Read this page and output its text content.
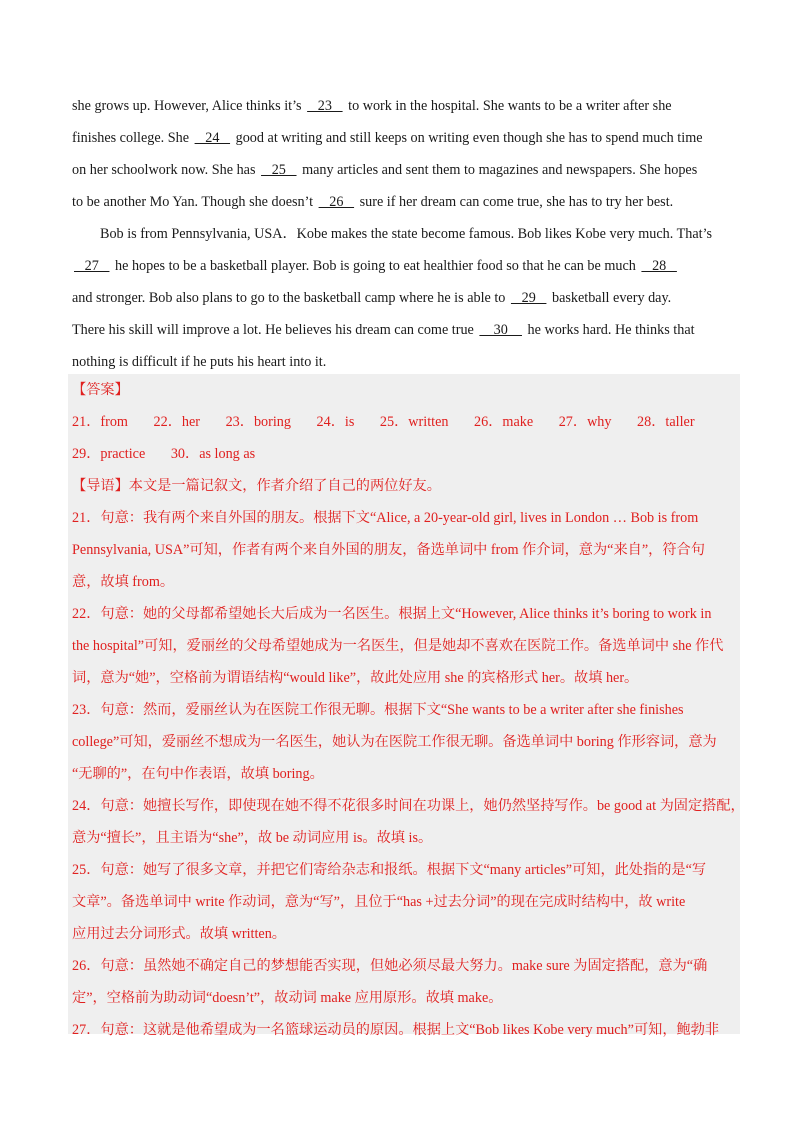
she grows up. However, Alice thinks it’s    23    to work in the hospital. She wants to be a writer after she
finishes college. She    24    good at writing and still keeps on writing even though she has to spend much time
on her schoolwork now. She has    25    many articles and sent them to magazines and newspapers. She hopes
to be another Mo Yan. Though she doesn’t    26    sure if her dream can come true, she has to try her best.
Bob is from Pennsylvania, USA．Kobe makes the state become famous. Bob likes Kobe very much. That’s
27    he hopes to be a basketball player. Bob is going to eat healthier food so that he can be much    28
and stronger. Bob also plans to go to the basketball camp where he is able to    29    basketball every day.
There his skill will improve a lot. He believes his dream can come true     30     he works hard. He thinks that
nothing is difficult if he puts his heart into it.
【答案】
21．from 22．her 23．boring 24．is 25．written 26．make 27．why 28．taller
29．practice 30．as long as
【导语】本文是一篇记叙文，作者介绍了自己的两位好友。
21．句意：我有两个来自外国的朋友。根据下文“Alice, a 20-year-old girl, lives in London … Bob is from
Pennsylvania, USA”可知，作者有两个来自外国的朋友，备选单词中 from 作介词，意为“来自”，符合句
意，故填 from。
22．句意：她的父母都希望她长大后成为一名医生。根据上文“However, Alice thinks it’s boring to work in
the hospital”可知，爱丽丝的父母希望她成为一名医生，但是她却不喜欢在医院工作。备选单词中 she 作代
词，意为“她”，空格前为谓语结构“would like”，故此处应用 she 的宾格形式 her。故填 her。
23．句意：然而，爱丽丝认为在医院工作很无聊。根据下文“She wants to be a writer after she finishes
college”可知，爱丽丝不想成为一名医生，她认为在医院工作很无聊。备选单词中 boring 作形容词，意为
“无聊的”，在句中作表语，故填 boring。
24．句意：她擅长写作，即使现在她不得不花很多时间在功课上，她仍然坚持写作。be good at 为固定搭配，
意为“擅长”，且主语为“she”，故 be 动词应用 is。故填 is。
25．句意：她写了很多文章，并把它们寄给杂志和报纸。根据下文“many articles”可知，此处指的是“写
文章”。备选单词中 write 作动词，意为“写”，且位于“has +过去分词”的现在完成时结构中，故 write
应用过去分词形式。故填 written。
26．句意：虽然她不确定自己的梦想能否实现，但她必须尽最大努力。make sure 为固定搭配，意为“确
定”，空格前为助动词“doesn’t”，故动词 make 应用原形。故填 make。
27．句意：这就是他希望成为一名篮球运动员的原因。根据上文“Bob likes Kobe very much”可知，鲍勃非
